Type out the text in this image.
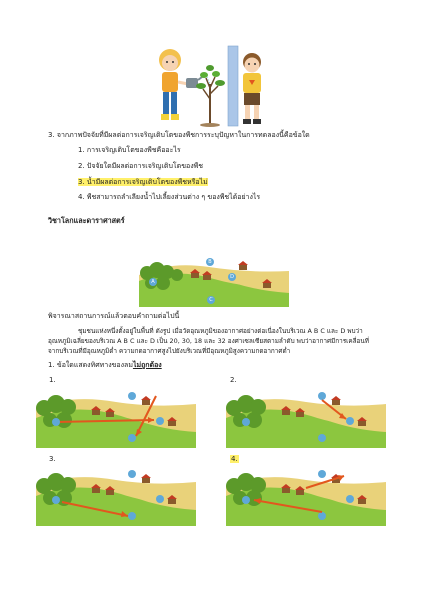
3. จากภาพปัจจัยที่มีผลต่อการเจริญเติบโตของพืชการระบุปัญหาในการทดลองนี้คือข้อใด
1. การเจริญเติบโตของพืชคืออะไร
2. ปัจจัยใดมีผลต่อการเจริญเติบโตของพืช
3. น้ำมีผลต่อการเจริญเติบโตของพืชหรือไม่
4. พืชสามารถลำเลียงน้ำไปเลี้ยงส่วนต่าง ๆ ของพืชได้อย่างไร
วิชาโลกและดาราศาสตร์
A
B
C
D
พิจารณาสถานการณ์แล้วตอบคำถามต่อไปนี้
ชุมชนแห่งหนึ่งตั้งอยู่ในพื้นที่ ดังรูป เมื่อวัดอุณหภูมิของอากาศอย่างต่อเนื่องในบริเวณ A B C และ D พบว่าอุณหภูมิเฉลี่ยของบริเวณ A B C และ D เป็น 20, 30, 18 และ 32 องศาเซลเซียสตามลำดับ พบว่าอากาศมีการเคลื่อนที่จากบริเวณที่มีอุณหภูมิต่ำ ความกดอากาศสูงไปยังบริเวณที่มีอุณหภูมิสูงความกดอากาศต่ำ
1. ข้อใดแสดงทิศทางของลมไม่ถูกต้อง
1.	2.
3.	4.
